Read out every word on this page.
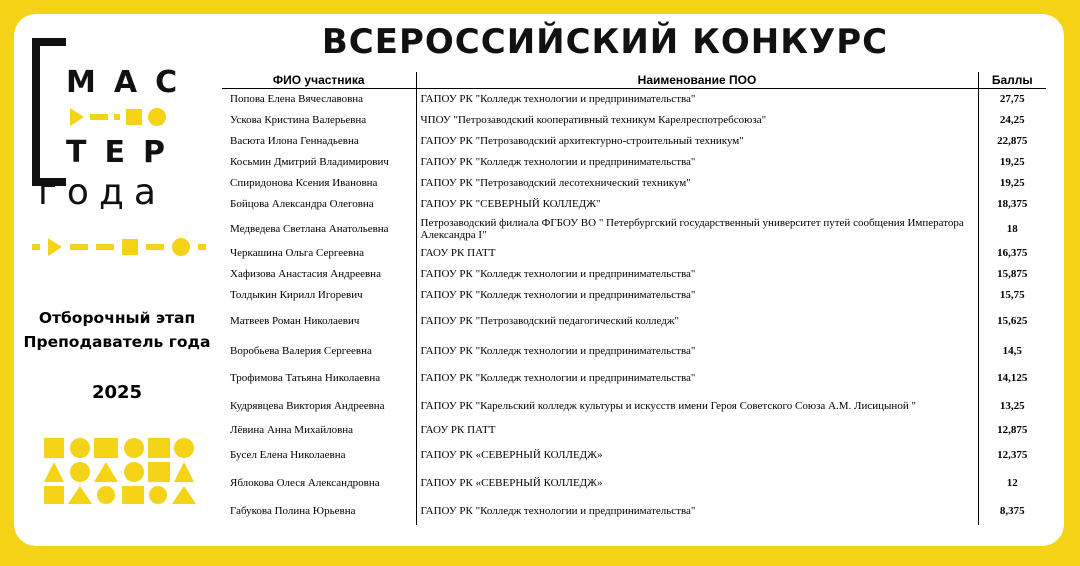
МАС
ТЕР
года
Отборочный этап
Преподаватель года
2025
ВСЕРОССИЙСКИЙ КОНКУРС
ФИО участника	Наименование ПОО	Баллы
Попова Елена Вячеславовна	ГАПОУ РК "Колледж технологии и предпринимательства"	27,75
Ускова Кристина Валерьевна	ЧПОУ "Петрозаводский кооперативный техникум Карелреспотребсоюза"	24,25
Васюта Илона Геннадьевна	ГАПОУ РК "Петрозаводский архитектурно-строительный техникум"	22,875
Косьмин Дмитрий Владимирович	ГАПОУ РК "Колледж технологии и предпринимательства"	19,25
Спиридонова Ксения Ивановна	ГАПОУ РК "Петрозаводский лесотехнический техникум"	19,25
Бойцова Александра Олеговна	ГАПОУ РК "СЕВЕРНЫЙ КОЛЛЕДЖ"	18,375
Медведева Светлана Анатольевна	Петрозаводский филиала ФГБОУ ВО " Петербургский государственный университет путей сообщения Императора Александра I"	18
Черкашина Ольга Сергеевна	ГАОУ РК ПАТТ	16,375
Хафизова Анастасия Андреевна	ГАПОУ РК "Колледж технологии и предпринимательства"	15,875
Толдыкин Кирилл Игоревич	ГАПОУ РК "Колледж технологии и предпринимательства"	15,75
Матвеев Роман Николаевич	ГАПОУ РК "Петрозаводский педагогический колледж"	15,625
Воробьева Валерия Сергеевна	ГАПОУ РК "Колледж технологии и предпринимательства"	14,5
Трофимова Татьяна Николаевна	ГАПОУ РК "Колледж технологии и предпринимательства"	14,125
Кудрявцева Виктория Андреевна	ГАПОУ РК "Карельский колледж культуры и искусств имени Героя Советского Союза А.М. Лисицыной "	13,25
Лёвина Анна Михайловна	ГАОУ РК ПАТТ	12,875
Бусел Елена Николаевна	ГАПОУ РК «СЕВЕРНЫЙ КОЛЛЕДЖ»	12,375
Яблокова Олеся Александровна	ГАПОУ РК «СЕВЕРНЫЙ КОЛЛЕДЖ»	12
Габукова Полина Юрьевна	ГАПОУ РК "Колледж технологии и предпринимательства"	8,375
